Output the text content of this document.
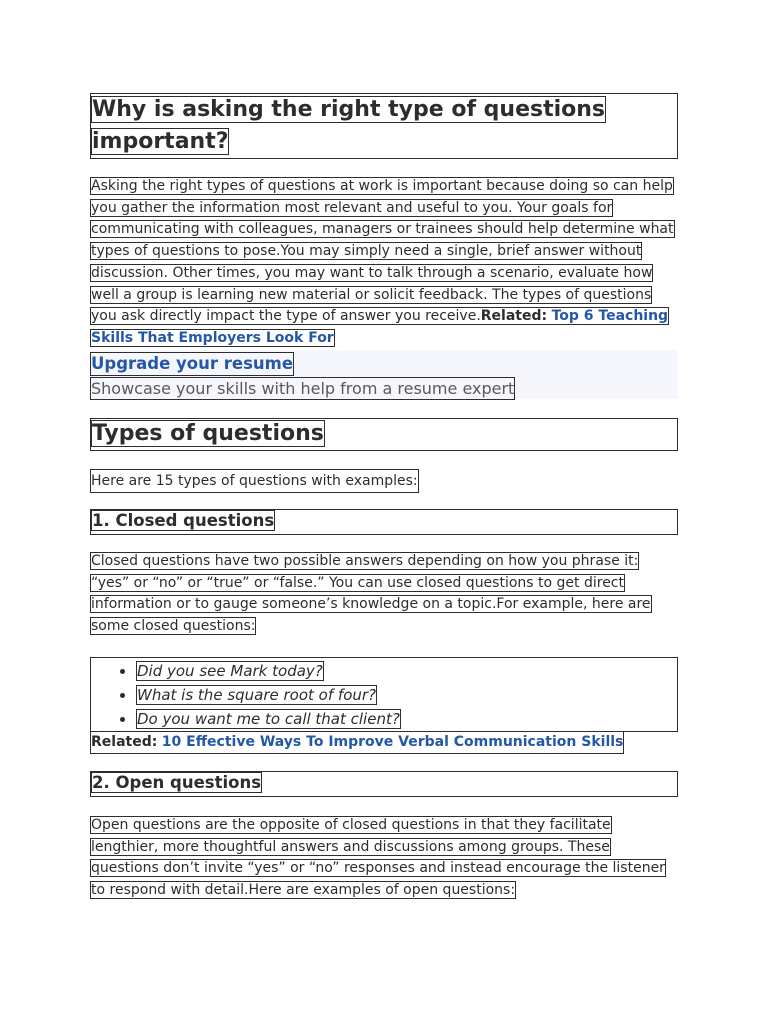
Why is asking the right type of questions important?
Asking the right types of questions at work is important because doing so can help you gather the information most relevant and useful to you. Your goals for communicating with colleagues, managers or trainees should help determine what types of questions to pose.You may simply need a single, brief answer without discussion. Other times, you may want to talk through a scenario, evaluate how well a group is learning new material or solicit feedback. The types of questions you ask directly impact the type of answer you receive.Related: Top 6 Teaching Skills That Employers Look For
Upgrade your resume
Showcase your skills with help from a resume expert
Types of questions
Here are 15 types of questions with examples:
1. Closed questions
Closed questions have two possible answers depending on how you phrase it: “yes” or “no” or “true” or “false.” You can use closed questions to get direct information or to gauge someone’s knowledge on a topic.For example, here are some closed questions:
• Did you see Mark today?
• What is the square root of four?
• Do you want me to call that client?
Related: 10 Effective Ways To Improve Verbal Communication Skills
2. Open questions
Open questions are the opposite of closed questions in that they facilitate lengthier, more thoughtful answers and discussions among groups. These questions don’t invite “yes” or “no” responses and instead encourage the listener to respond with detail.Here are examples of open questions:
